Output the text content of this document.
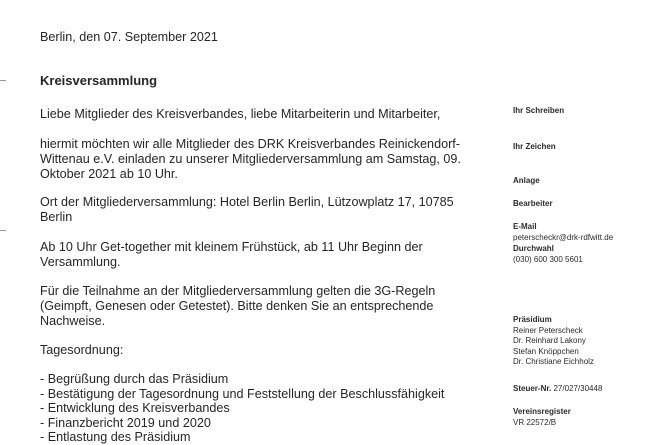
Berlin, den 07. September 2021
Kreisversammlung
Liebe Mitglieder des Kreisverbandes, liebe Mitarbeiterin und Mitarbeiter,
hiermit möchten wir alle Mitglieder des DRK Kreisverbandes Reinickendorf-Wittenau e.V. einladen zu unserer Mitgliederversammlung am Samstag, 09. Oktober 2021 ab 10 Uhr.
Ort der Mitgliederversammlung: Hotel Berlin Berlin, Lützowplatz 17, 10785 Berlin
Ab 10 Uhr Get-together mit kleinem Frühstück, ab 11 Uhr Beginn der Versammlung.
Für die Teilnahme an der Mitgliederversammlung gelten die 3G-Regeln (Geimpft, Genesen oder Getestet). Bitte denken Sie an entsprechende Nachweise.
Tagesordnung:
- Begrüßung durch das Präsidium
- Bestätigung der Tagesordnung und Feststellung der Beschlussfähigkeit
- Entwicklung des Kreisverbandes
- Finanzbericht 2019 und 2020
- Entlastung des Präsidium
Ihr Schreiben
Ihr Zeichen
Anlage
Bearbeiter
E-Mail
peterscheckr@drk-rdfwitt.de
Durchwahl
(030) 600 300 5601
Präsidium
Reiner Peterscheck
Dr. Reinhard Lakony
Stefan Knöppchen
Dr. Christiane Eichholz
Steuer-Nr. 27/027/30448
Vereinsregister
VR 22572/B
